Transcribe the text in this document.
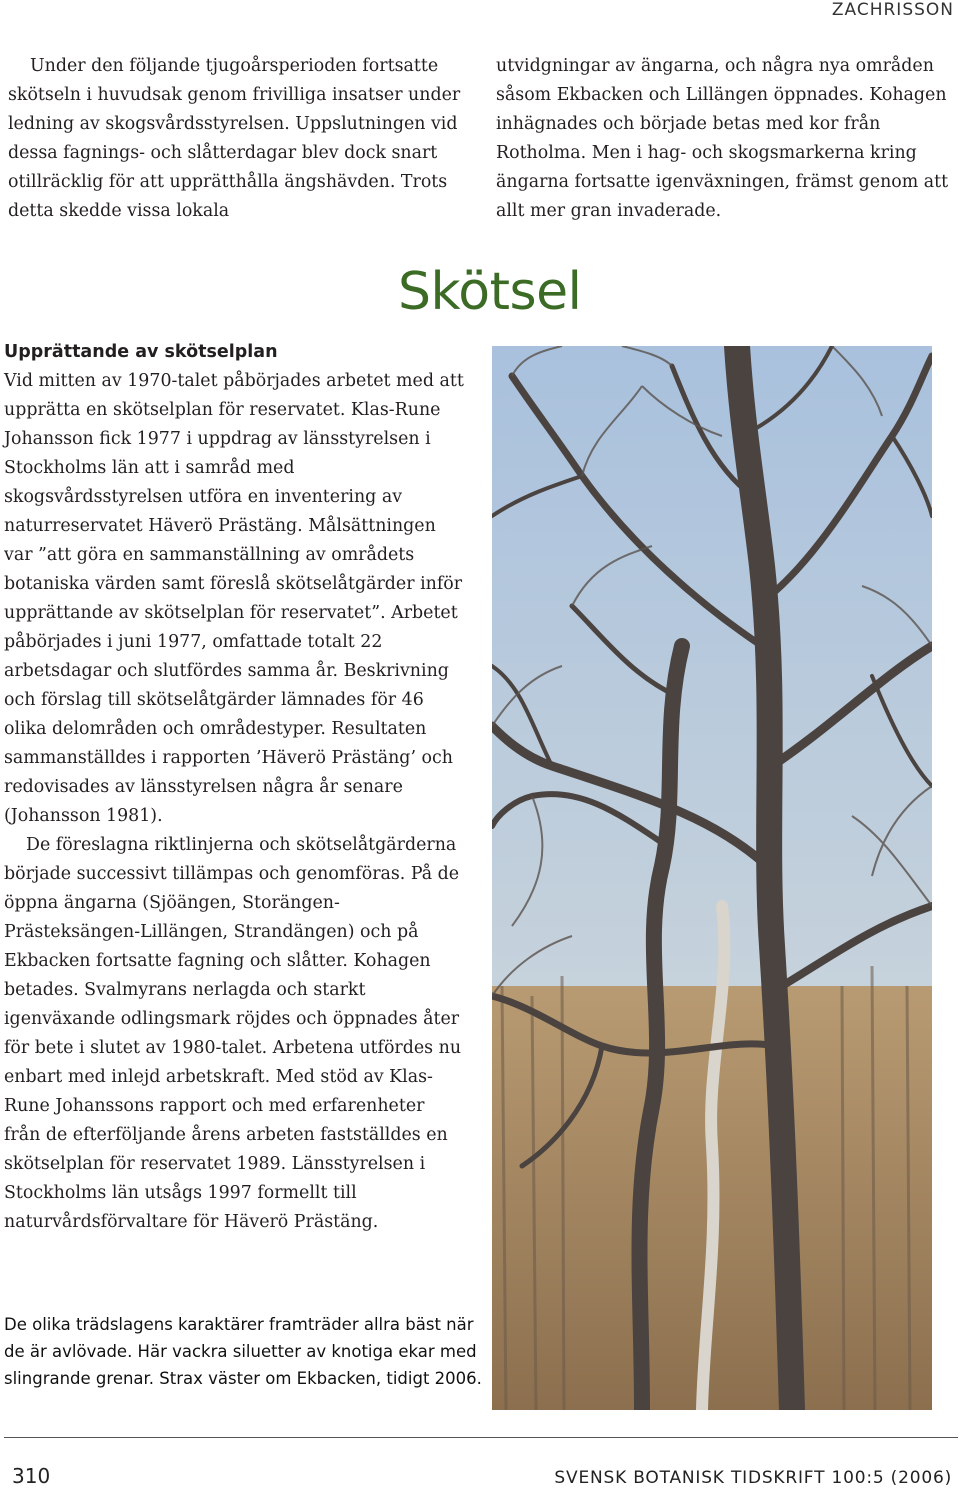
ZACHRISSON

Under den följande tjugoårsperioden fortsatte skötseln i huvudsak genom frivilliga insatser under ledning av skogsvårdsstyrelsen. Uppslutningen vid dessa fagnings- och slåtterdagar blev dock snart otillräcklig för att upprätthålla ängshävden. Trots detta skedde vissa lokala

utvidgningar av ängarna, och några nya områden såsom Ekbacken och Lillängen öppnades. Kohagen inhägnades och började betas med kor från Rotholma. Men i hag- och skogsmarkerna kring ängarna fortsatte igenväxningen, främst genom att allt mer gran invaderade.

Skötsel
Upprättande av skötselplan

Vid mitten av 1970-talet påbörjades arbetet med att upprätta en skötselplan för reservatet. Klas-Rune Johansson fick 1977 i uppdrag av länsstyrelsen i Stockholms län att i samråd med skogsvårdsstyrelsen utföra en inventering av naturreservatet Häverö Prästäng. Målsättningen var ”att göra en sammanställning av områdets botaniska värden samt föreslå skötselåtgärder inför upprättande av skötselplan för reservatet”. Arbetet påbörjades i juni 1977, omfattade totalt 22 arbetsdagar och slutfördes samma år. Beskrivning och förslag till skötselåtgärder lämnades för 46 olika delområden och områdestyper. Resultaten sammanställdes i rapporten ’Häverö Prästäng’ och redovisades av länsstyrelsen några år senare (Johansson 1981).

De föreslagna riktlinjerna och skötselåtgärderna började successivt tillämpas och genomföras. På de öppna ängarna (Sjöängen, Storängen-Prästeksängen-Lillängen, Strandängen) och på Ekbacken fortsatte fagning och slåtter. Kohagen betades. Svalmyrans nerlagda och starkt igenväxande odlingsmark röjdes och öppnades åter för bete i slutet av 1980-talet. Arbetena utfördes nu enbart med inlejd arbetskraft. Med stöd av Klas-Rune Johanssons rapport och med erfarenheter från de efterföljande årens arbeten fastställdes en skötselplan för reservatet 1989. Länsstyrelsen i Stockholms län utsågs 1997 formellt till naturvårdsförvaltare för Häverö Prästäng.

De olika trädslagens karaktärer framträder allra bäst när de är avlövade. Här vackra siluetter av knotiga ekar med slingrande grenar. Strax väster om Ekbacken, tidigt 2006.
310	SVENSK BOTANISK TIDSKRIFT 100:5 (2006)
